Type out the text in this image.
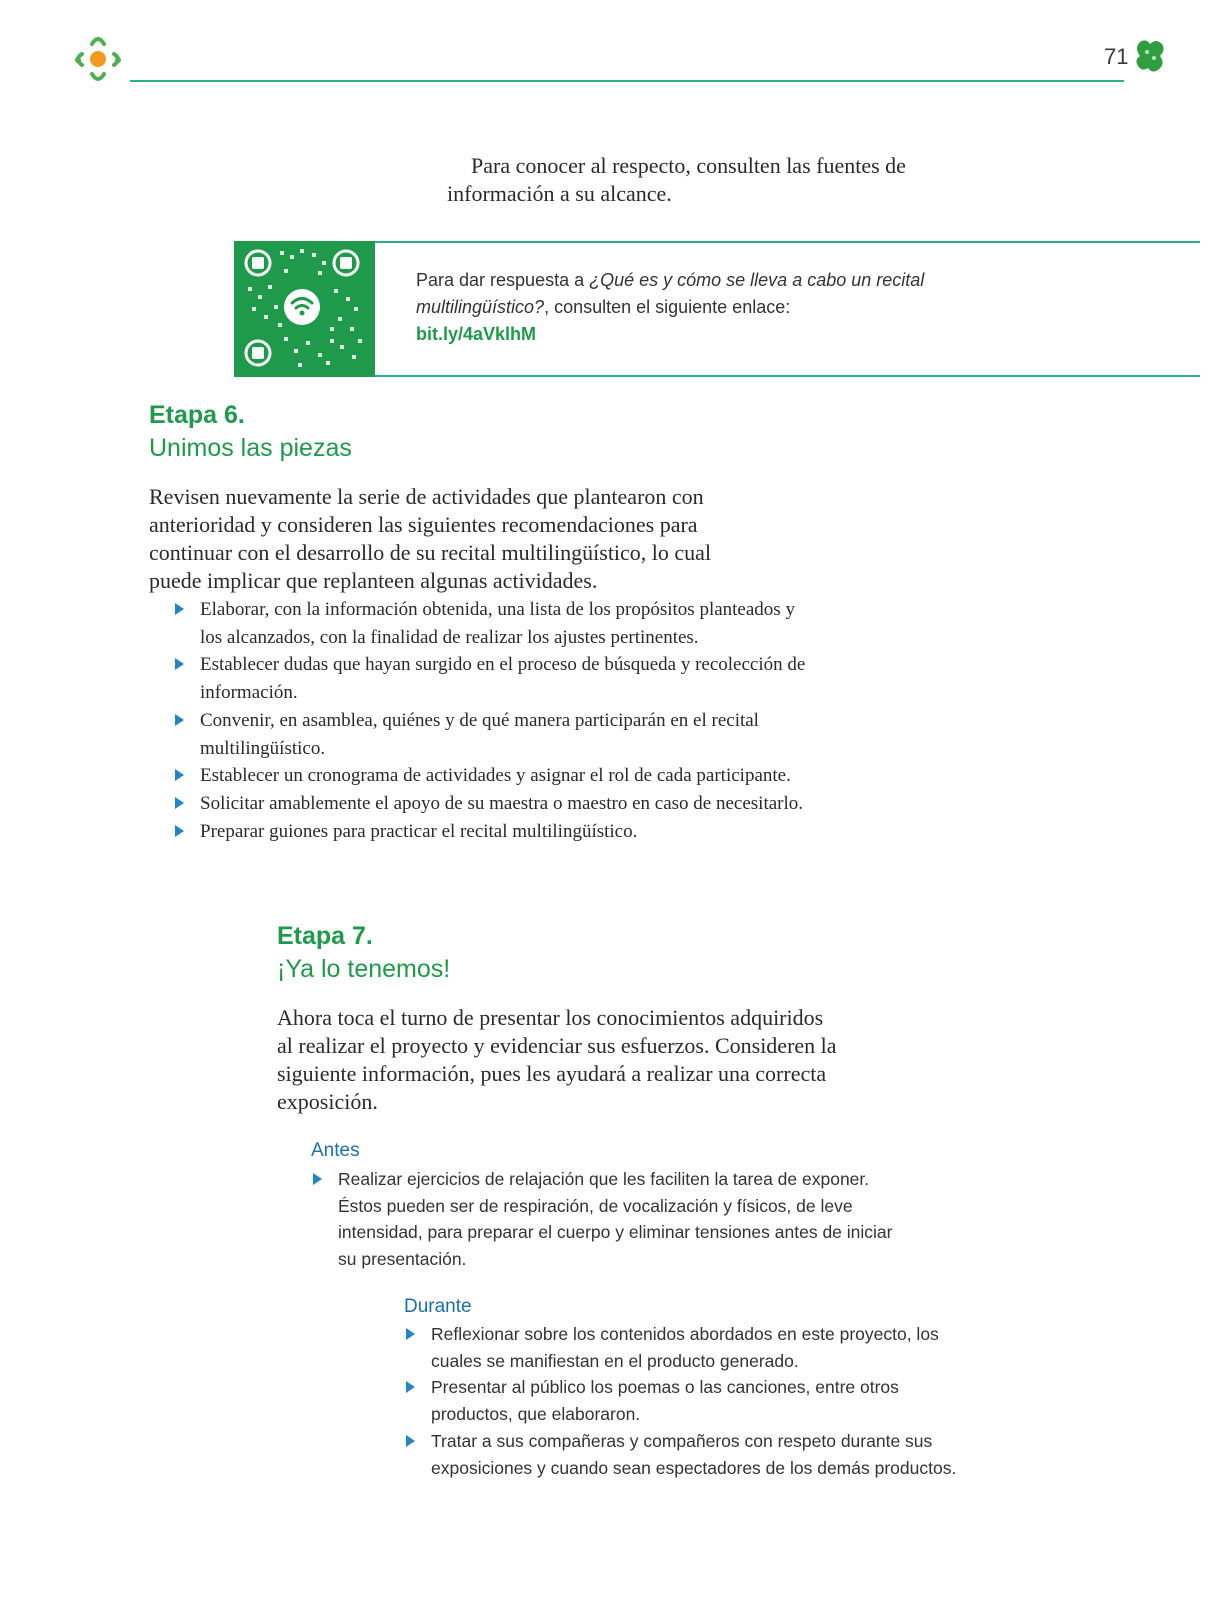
71

Para conocer al respecto, consulten las fuentes de información a su alcance.

Para dar respuesta a ¿Qué es y cómo se lleva a cabo un recital multilingüístico?, consulten el siguiente enlace:
bit.ly/4aVklhM
Etapa 6.
Unimos las piezas

Revisen nuevamente la serie de actividades que plantearon con anterioridad y consideren las siguientes recomendaciones para continuar con el desarrollo de su recital multilingüístico, lo cual puede implicar que replanteen algunas actividades.

Elaborar, con la información obtenida, una lista de los propósitos planteados y los alcanzados, con la finalidad de realizar los ajustes pertinentes.
Establecer dudas que hayan surgido en el proceso de búsqueda y recolección de información.
Convenir, en asamblea, quiénes y de qué manera participarán en el recital multilingüístico.
Establecer un cronograma de actividades y asignar el rol de cada participante.
Solicitar amablemente el apoyo de su maestra o maestro en caso de necesitarlo.
Preparar guiones para practicar el recital multilingüístico.
Etapa 7.
¡Ya lo tenemos!

Ahora toca el turno de presentar los conocimientos adquiridos al realizar el proyecto y evidenciar sus esfuerzos. Consideren la siguiente información, pues les ayudará a realizar una correcta exposición.

Antes
Realizar ejercicios de relajación que les faciliten la tarea de exponer. Éstos pueden ser de respiración, de vocalización y físicos, de leve intensidad, para preparar el cuerpo y eliminar tensiones antes de iniciar su presentación.
Durante
Reflexionar sobre los contenidos abordados en este proyecto, los cuales se manifiestan en el producto generado.
Presentar al público los poemas o las canciones, entre otros productos, que elaboraron.
Tratar a sus compañeras y compañeros con respeto durante sus exposiciones y cuando sean espectadores de los demás productos.
